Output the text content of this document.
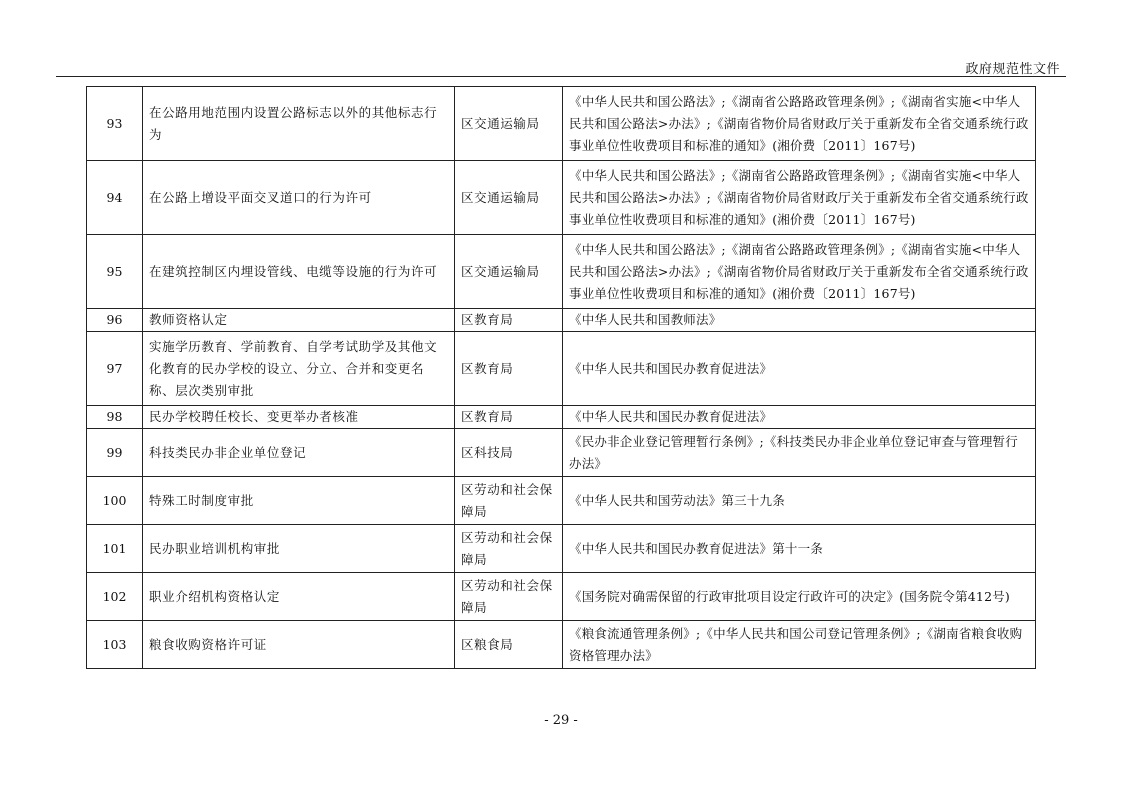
政府规范性文件
93	在公路用地范围内设置公路标志以外的其他标志行为	区交通运输局	《中华人民共和国公路法》;《湖南省公路路政管理条例》;《湖南省实施<中华人民共和国公路法>办法》;《湖南省物价局省财政厅关于重新发布全省交通系统行政事业单位性收费项目和标准的通知》(湘价费〔2011〕167号)
94	在公路上增设平面交叉道口的行为许可	区交通运输局	《中华人民共和国公路法》;《湖南省公路路政管理条例》;《湖南省实施<中华人民共和国公路法>办法》;《湖南省物价局省财政厅关于重新发布全省交通系统行政事业单位性收费项目和标准的通知》(湘价费〔2011〕167号)
95	在建筑控制区内埋设管线、电缆等设施的行为许可	区交通运输局	《中华人民共和国公路法》;《湖南省公路路政管理条例》;《湖南省实施<中华人民共和国公路法>办法》;《湖南省物价局省财政厅关于重新发布全省交通系统行政事业单位性收费项目和标准的通知》(湘价费〔2011〕167号)
96	教师资格认定	区教育局	《中华人民共和国教师法》
97	实施学历教育、学前教育、自学考试助学及其他文化教育的民办学校的设立、分立、合并和变更名称、层次类别审批	区教育局	《中华人民共和国民办教育促进法》
98	民办学校聘任校长、变更举办者核准	区教育局	《中华人民共和国民办教育促进法》
99	科技类民办非企业单位登记	区科技局	《民办非企业登记管理暂行条例》;《科技类民办非企业单位登记审查与管理暂行办法》
100	特殊工时制度审批	区劳动和社会保障局	《中华人民共和国劳动法》第三十九条
101	民办职业培训机构审批	区劳动和社会保障局	《中华人民共和国民办教育促进法》第十一条
102	职业介绍机构资格认定	区劳动和社会保障局	《国务院对确需保留的行政审批项目设定行政许可的决定》(国务院令第412号)
103	粮食收购资格许可证	区粮食局	《粮食流通管理条例》;《中华人民共和国公司登记管理条例》;《湖南省粮食收购资格管理办法》
- 29 -
